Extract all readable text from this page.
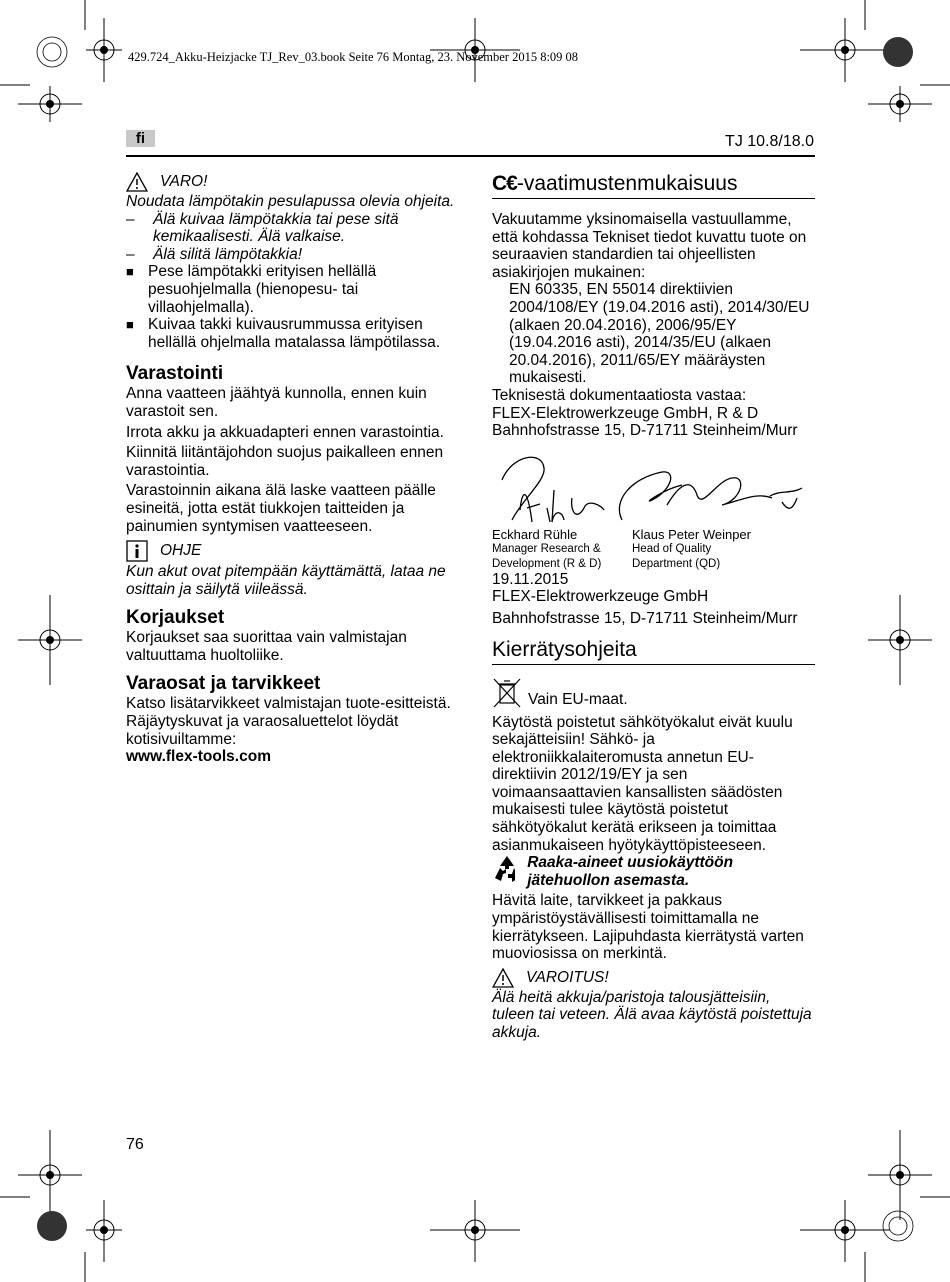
429.724_Akku-Heizjacke TJ_Rev_03.book Seite 76 Montag, 23. November 2015 8:09 08
fi	TJ 10.8/18.0
VARO!
Noudata lämpötakin pesulapussa olevia ohjeita.
–	Älä kuivaa lämpötakkia tai pese sitä kemikaalisesti. Älä valkaise.
–	Älä silitä lämpötakkia!
■ Pese lämpötakki erityisen hellällä pesuohjelmalla (hienopesu- tai villaohjelmalla).
■ Kuivaa takki kuivausrummussa erityisen hellällä ohjelmalla matalassa lämpötilassa.
Varastointi
Anna vaatteen jäähtyä kunnolla, ennen kuin varastoit sen.
Irrota akku ja akkuadapteri ennen varastointia.
Kiinnitä liitäntäjohdon suojus paikalleen ennen varastointia.
Varastoinnin aikana älä laske vaatteen päälle esineitä, jotta estät tiukkojen taitteiden ja painumien syntymisen vaatteeseen.
OHJE
Kun akut ovat pitempään käyttämättä, lataa ne osittain ja säilytä viileässä.
Korjaukset
Korjaukset saa suorittaa vain valmistajan valtuuttama huoltoliike.
Varaosat ja tarvikkeet
Katso lisätarvikkeet valmistajan tuote-esitteistä. Räjäytyskuvat ja varaosaluettelot löydät kotisivuiltamme:
www.flex-tools.com
C€-vaatimustenmukaisuus
Vakuutamme yksinomaisella vastuullamme, että kohdassa Tekniset tiedot kuvattu tuote on seuraavien standardien tai ohjeellisten asiakirjojen mukainen:
EN 60335, EN 55014 direktiivien 2004/108/EY (19.04.2016 asti), 2014/30/EU (alkaen 20.04.2016), 2006/95/EY (19.04.2016 asti), 2014/35/EU (alkaen 20.04.2016), 2011/65/EY määräysten mukaisesti.
Teknisestä dokumentaatiosta vastaa:
FLEX-Elektrowerkzeuge GmbH, R & D
Bahnhofstrasse 15, D-71711 Steinheim/Murr
Eckhard Rühle
Manager Research &
Development (R & D)
Klaus Peter Weinper
Head of Quality
Department (QD)
19.11.2015
FLEX-Elektrowerkzeuge GmbH
Bahnhofstrasse 15, D-71711 Steinheim/Murr
Kierrätysohjeita
Vain EU-maat.
Käytöstä poistetut sähkötyökalut eivät kuulu sekajätteisiin! Sähkö- ja elektroniikkalaiteromusta annetun EU-direktiivin 2012/19/EY ja sen voimaansaattavien kansallisten säädösten mukaisesti tulee käytöstä poistetut sähkötyökalut kerätä erikseen ja toimittaa asianmukaiseen hyötykäyttöpisteeseen.
Raaka-aineet uusiokäyttöön jätehuollon asemasta.
Hävitä laite, tarvikkeet ja pakkaus ympäristöystävällisesti toimittamalla ne kierrätykseen. Lajipuhdasta kierrätystä varten muoviosissa on merkintä.
VAROITUS!
Älä heitä akkuja/paristoja talousjätteisiin, tuleen tai veteen. Älä avaa käytöstä poistettuja akkuja.
76
